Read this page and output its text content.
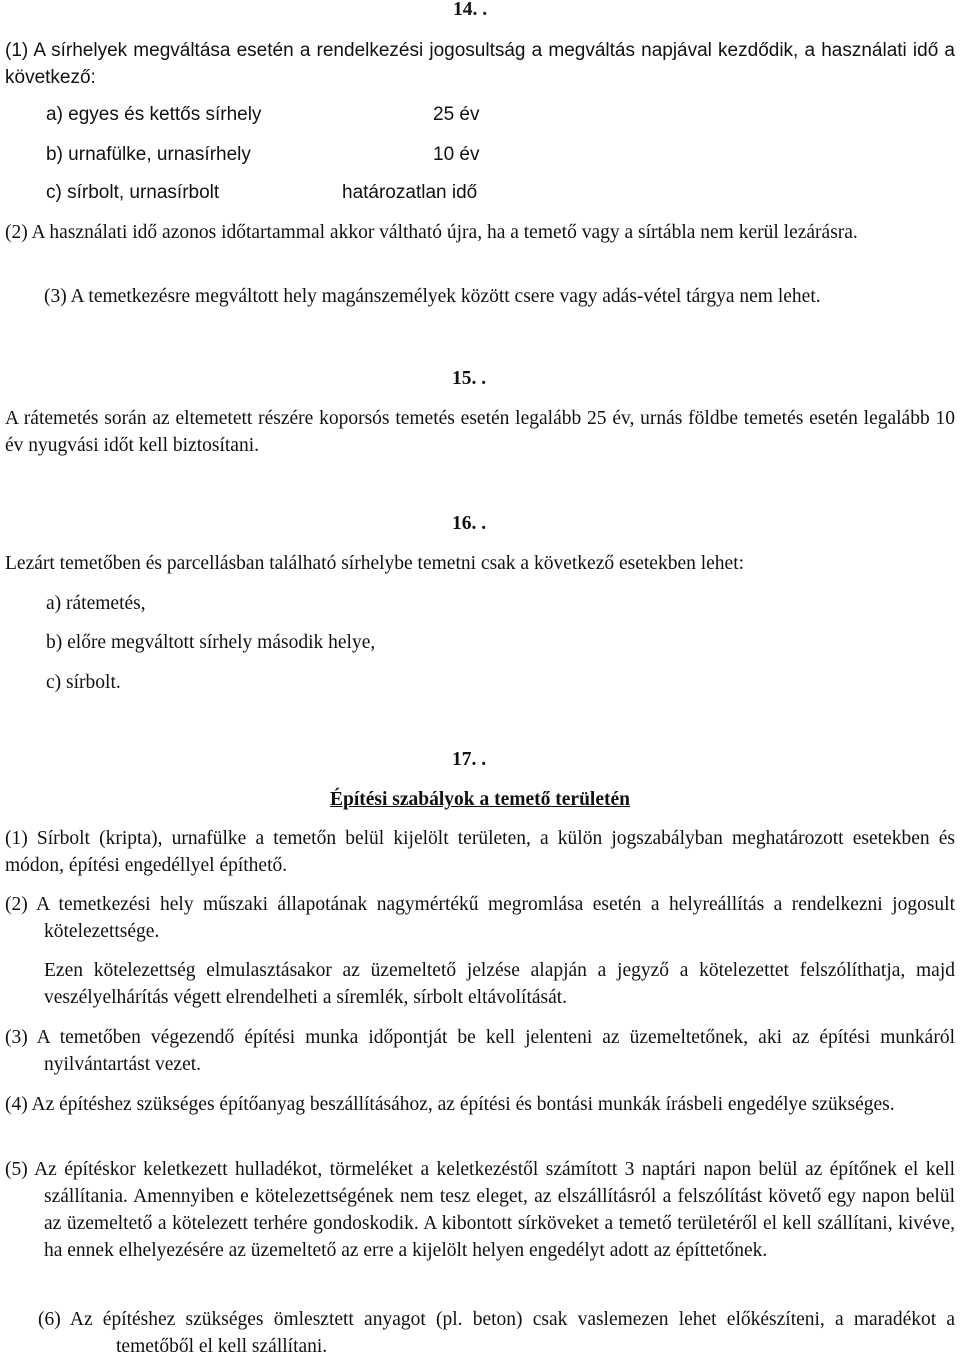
14. .

(1) A sírhelyek megváltása esetén a rendelkezési jogosultság a megváltás napjával kezdődik, a használati idő a következő:

a) egyes és kettős sírhely	25 év
b) urnafülke, urnasírhely	10 év
c) sírbolt, urnasírbolt	határozatlan idő

(2) A használati idő azonos időtartammal akkor váltható újra, ha a temető vagy a sírtábla nem kerül lezárásra.

(3) A temetkezésre megváltott hely magánszemélyek között csere vagy adás-vétel tárgya nem lehet.

15. .

A rátemetés során az eltemetett részére koporsós temetés esetén legalább 25 év, urnás földbe temetés esetén legalább 10 év nyugvási időt kell biztosítani.

16. .

Lezárt temetőben és parcellásban található sírhelybe temetni csak a következő esetekben lehet:

a) rátemetés,
b) előre megváltott sírhely második helye,
c) sírbolt.
17. .
Építési szabályok a temető területén

(1) Sírbolt (kripta), urnafülke a temetőn belül kijelölt területen, a külön jogszabályban meghatározott esetekben és módon, építési engedéllyel építhető.

(2) A temetkezési hely műszaki állapotának nagymértékű megromlása esetén a helyreállítás a rendelkezni jogosult kötelezettsége.

Ezen kötelezettség elmulasztásakor az üzemeltető jelzése alapján a jegyző a kötelezettet felszólíthatja, majd veszélyelhárítás végett elrendelheti a síremlék, sírbolt eltávolítását.

(3) A temetőben végezendő építési munka időpontját be kell jelenteni az üzemeltetőnek, aki az építési munkáról nyilvántartást vezet.

(4) Az építéshez szükséges építőanyag beszállításához, az építési és bontási munkák írásbeli engedélye szükséges.

(5) Az építéskor keletkezett hulladékot, törmeléket a keletkezéstől számított 3 naptári napon belül az építőnek el kell szállítania. Amennyiben e kötelezettségének nem tesz eleget, az elszállításról a felszólítást követő egy napon belül az üzemeltető a kötelezett terhére gondoskodik. A kibontott sírköveket a temető területéről el kell szállítani, kivéve, ha ennek elhelyezésére az üzemeltető az erre a kijelölt helyen engedélyt adott az építtetőnek.

(6) Az építéshez szükséges ömlesztett anyagot (pl. beton) csak vaslemezen lehet előkészíteni, a maradékot a temetőből el kell szállítani.
